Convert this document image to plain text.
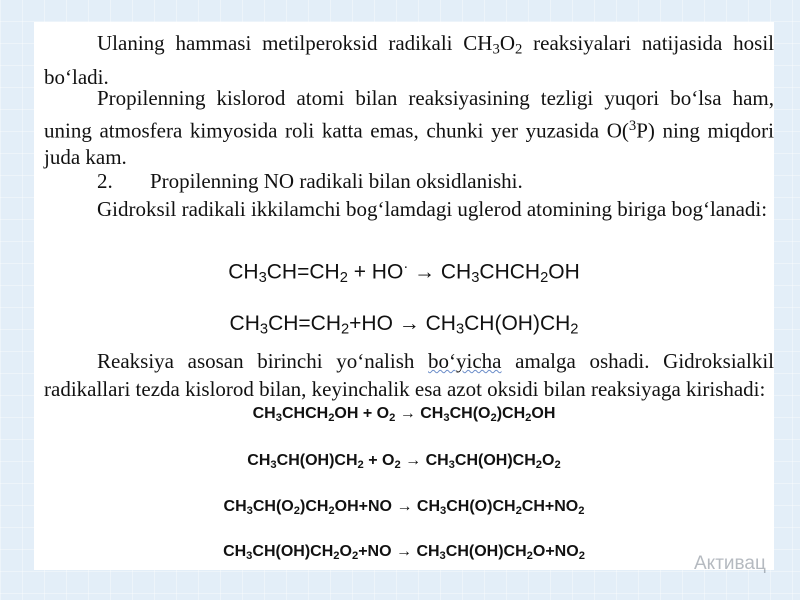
Ulaning hammasi metilperoksid radikali $CH_3O_2$ reaksiyalari natijasida hosil bo‘ladi.

Propilenning kislorod atomi bilan reaksiyasining tezligi yuqori bo‘lsa ham, uning atmosfera kimyosida roli katta emas, chunki yer yuzasida O($^3$P) ning miqdori juda kam.

2. Propilenning NO radikali bilan oksidlanishi.

Gidroksil radikali ikkilamchi bog‘lamdagi uglerod atomining biriga bog‘lanadi:

$CH_3CH=CH_2 + HO^\cdot$ → $CH_3CHCH_2OH$
$CH_3CH=CH_2+HO \to CH_3CH(OH)CH_2$

Reaksiya asosan birinchi yo‘nalish bo‘yicha amalga oshadi. Gidroksialkil radikallari tezda kislorod bilan, keyinchalik esa azot oksidi bilan reaksiyaga kirishadi:

$CH_3CHCH_2OH + O_2 \to CH_3CH(O_2)CH_2OH$
$CH_3CH(OH)CH_2 + O_2 \to CH_3CH(OH)CH_2O_2$
$CH_3CH(O_2)CH_2OH+NO \to CH_3CH(O)CH_2CH+NO_2$
$CH_3CH(OH)CH_2O_2+NO \to CH_3CH(OH)CH_2O+NO_2$	Активац
